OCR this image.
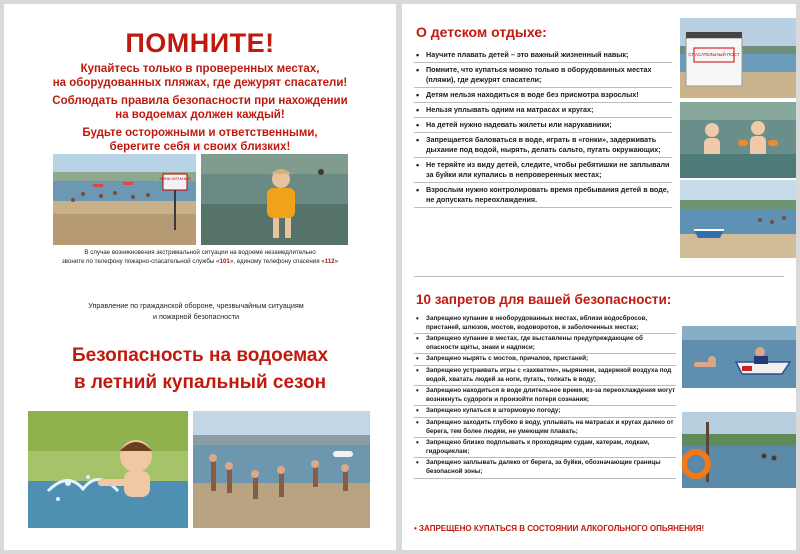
ПОМНИТЕ!
Купайтесь только в проверенных местах,
на оборудованных пляжах, где дежурят спасатели!
Соблюдать правила безопасности при нахождении
на водоемах должен каждый!
Будьте осторожными и ответственными,
берегите себя и своих близких!
ЗОНА КУПАНИЯ
В случае возникновения экстримальной ситуации на водоеме незамедлительно
звоните по телефону пожарно-спасательной службы «101», единому телефону спасения «112»
Управление по гражданской обороне, чрезвычайным ситуациям
и пожарной безопасности
Безопасность на водоемах
в летний купальный сезон
О детском отдыхе:
• Научите плавать детей – это важный жизненный навык;
• Помните, что купаться можно только в оборудованных местах (пляжи), где дежурят спасатели;
• Детям нельзя находиться в воде без присмотра взрослых!
• Нельзя уплывать одним на матрасах и кругах;
• На детей нужно надевать жилеты или нарукавники;
• Запрещается баловаться в воде, играть в «гонки», задерживать дыхание под водой, нырять, делать сальто, пугать окружающих;
• Не теряйте из виду детей, следите, чтобы ребятишки не заплывали за буйки или купались в непроверенных местах;
• Взрослым нужно контролировать время пребывания детей в воде, не допускать переохлаждения.
СПАСАТЕЛЬНЫЙ ПОСТ
10 запретов для вашей безопасности:
• Запрещено купание в необорудованных местах, вблизи водосбросов, пристаней, шлюзов, мостов, водоворотов, в заболоченных местах;
• Запрещено купание в местах, где выставлены предупреждающие об опасности щиты, знаки и надписи;
• Запрещено нырять с мостов, причалов, пристаней;
• Запрещено устраивать игры с «захватом», нырянием, задержкой воздуха под водой, хватать людей за ноги, пугать, толкать в воду;
• Запрещено находиться в воде длительное время, из-за переохлаждения могут возникнуть судороги и произойти потеря сознания;
• Запрещено купаться в штормовую погоду;
• Запрещено заходить глубоко в воду, уплывать на матрасах и кругах далеко от берега, тем более людям, не умеющим плавать;
• Запрещено близко подплывать к проходящим судам, катерам, лодкам, гидроциклам;
• Запрещено заплывать далеко от берега, за буйки, обозначающие границы безопасной зоны;
• ЗАПРЕЩЕНО КУПАТЬСЯ В СОСТОЯНИИ АЛКОГОЛЬНОГО ОПЬЯНЕНИЯ!
